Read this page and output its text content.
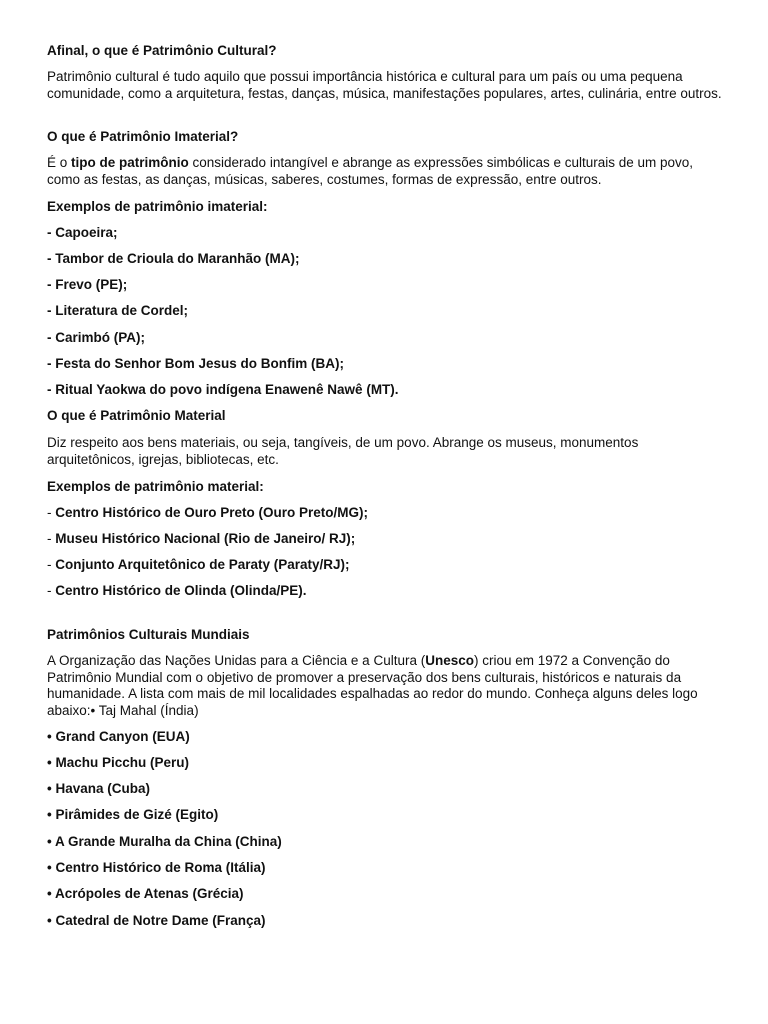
Afinal, o que é Patrimônio Cultural?

Patrimônio cultural é tudo aquilo que possui importância histórica e cultural para um país ou uma pequena comunidade, como a arquitetura, festas, danças, música, manifestações populares, artes, culinária, entre outros.

O que é Patrimônio Imaterial?

É o tipo de patrimônio considerado intangível e abrange as expressões simbólicas e culturais de um povo, como as festas, as danças, músicas, saberes, costumes, formas de expressão, entre outros.

Exemplos de patrimônio imaterial:

- Capoeira;

- Tambor de Crioula do Maranhão (MA);

- Frevo (PE);

- Literatura de Cordel;

- Carimbó (PA);

- Festa do Senhor Bom Jesus do Bonfim (BA);

- Ritual Yaokwa do povo indígena Enawenê Nawê (MT).

O que é Patrimônio Material

Diz respeito aos bens materiais, ou seja, tangíveis, de um povo. Abrange os museus, monumentos arquitetônicos, igrejas, bibliotecas, etc.

Exemplos de patrimônio material:

- Centro Histórico de Ouro Preto (Ouro Preto/MG);

- Museu Histórico Nacional (Rio de Janeiro/ RJ);

- Conjunto Arquitetônico de Paraty (Paraty/RJ);

- Centro Histórico de Olinda (Olinda/PE).

Patrimônios Culturais Mundiais

A Organização das Nações Unidas para a Ciência e a Cultura (Unesco) criou em 1972 a Convenção do Patrimônio Mundial com o objetivo de promover a preservação dos bens culturais, históricos e naturais da humanidade. A lista com mais de mil localidades espalhadas ao redor do mundo. Conheça alguns deles logo abaixo:• Taj Mahal (Índia)

• Grand Canyon (EUA)

• Machu Picchu (Peru)

• Havana (Cuba)

• Pirâmides de Gizé (Egito)

• A Grande Muralha da China (China)

• Centro Histórico de Roma (Itália)

• Acrópoles de Atenas (Grécia)

• Catedral de Notre Dame (França)
